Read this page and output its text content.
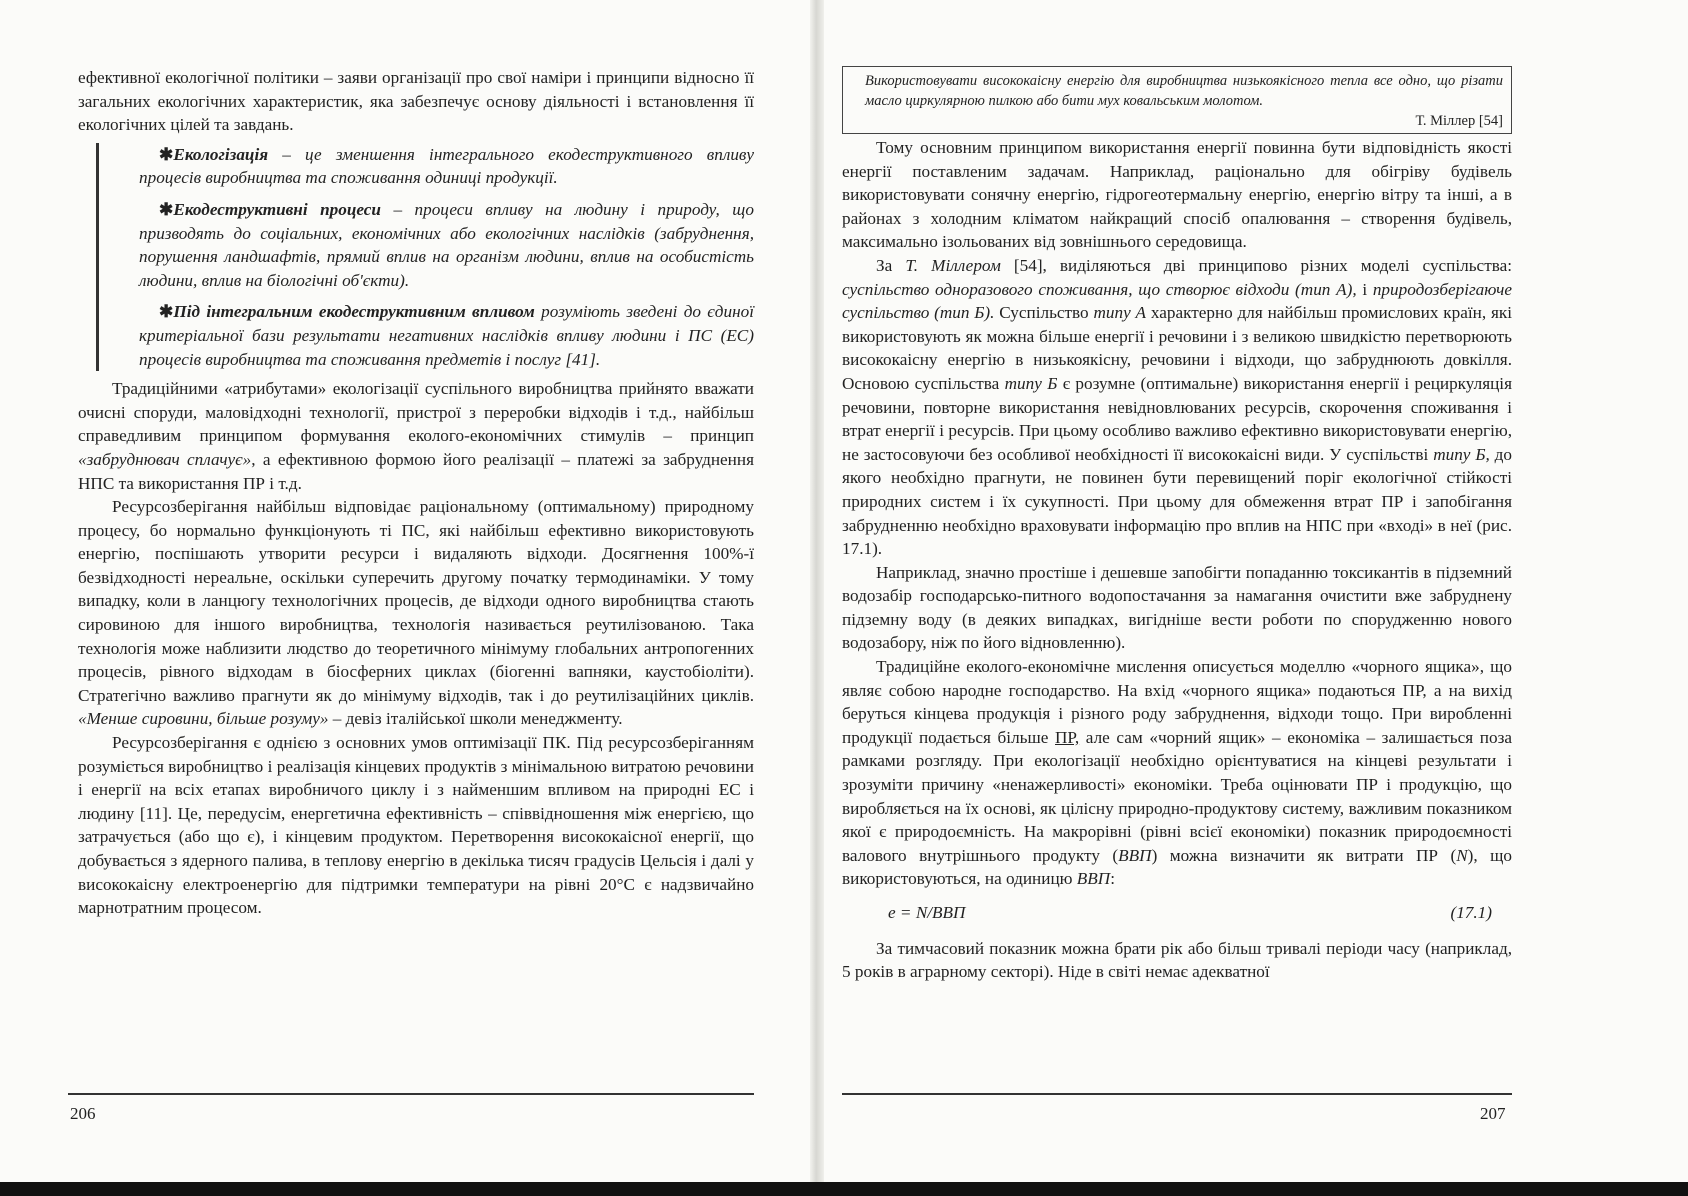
ефективної екологічної політики – заяви організації про свої наміри і принципи відносно її загальних екологічних характеристик, яка забезпечує основу діяльності і встановлення її екологічних цілей та завдань.

✱Екологізація – це зменшення інтегрального екодеструктивного впливу процесів виробництва та споживання одиниці продукції.

✱Екодеструктивні процеси – процеси впливу на людину і природу, що призводять до соціальних, економічних або екологічних наслідків (забруднення, порушення ландшафтів, прямий вплив на організм людини, вплив на особистість людини, вплив на біологічні об'єкти).

✱Під інтегральним екодеструктивним впливом розуміють зведені до єдиної критеріальної бази результати негативних наслідків впливу людини і ПС (ЕС) процесів виробництва та споживання предметів і послуг [41].

Традиційними «атрибутами» екологізації суспільного виробництва прийнято вважати очисні споруди, маловідходні технології, пристрої з переробки відходів і т.д., найбільш справедливим принципом формування еколого-економічних стимулів – принцип «забруднювач сплачує», а ефективною формою його реалізації – платежі за забруднення НПС та використання ПР і т.д.

Ресурсозберігання найбільш відповідає раціональному (оптимальному) природному процесу, бо нормально функціонують ті ПС, які найбільш ефективно використовують енергію, поспішають утворити ресурси і видаляють відходи. Досягнення 100%-ї безвідходності нереальне, оскільки суперечить другому початку термодинаміки. У тому випадку, коли в ланцюгу технологічних процесів, де відходи одного виробництва стають сировиною для іншого виробництва, технологія називається реутилізованою. Така технологія може наблизити людство до теоретичного мінімуму глобальних антропогенних процесів, рівного відходам в біосферних циклах (біогенні вапняки, каустобіоліти). Стратегічно важливо прагнути як до мінімуму відходів, так і до реутилізаційних циклів. «Менше сировини, більше розуму» – девіз італійської школи менеджменту.

Ресурсозберігання є однією з основних умов оптимізації ПК. Під ресурсозберіганням розуміється виробництво і реалізація кінцевих продуктів з мінімальною витратою речовини і енергії на всіх етапах виробничого циклу і з найменшим впливом на природні ЕС і людину [11]. Це, передусім, енергетична ефективність – співвідношення між енергією, що затрачується (або що є), і кінцевим продуктом. Перетворення висококаісної енергії, що добувається з ядерного палива, в теплову енергію в декілька тисяч градусів Цельсія і далі у висококаісну електроенергію для підтримки температури на рівні 20°С є надзвичайно марнотратним процесом.

206
Використовувати висококаісну енергію для виробництва низькоякісного тепла все одно, що різати масло циркулярною пилкою або бити мух ковальським молотом.
Т. Міллер [54]

Тому основним принципом використання енергії повинна бути відповідність якості енергії поставленим задачам. Наприклад, раціонально для обігріву будівель використовувати сонячну енергію, гідрогеотермальну енергію, енергію вітру та інші, а в районах з холодним кліматом найкращий спосіб опалювання – створення будівель, максимально ізольованих від зовнішнього середовища.

За Т. Міллером [54], виділяються дві принципово різних моделі суспільства: суспільство одноразового споживання, що створює відходи (тип А), і природозберігаюче суспільство (тип Б). Суспільство типу А характерно для найбільш промислових країн, які використовують як можна більше енергії і речовини і з великою швидкістю перетворюють висококаісну енергію в низькоякісну, речовини і відходи, що забруднюють довкілля. Основою суспільства типу Б є розумне (оптимальне) використання енергії і рециркуляція речовини, повторне використання невідновлюваних ресурсів, скорочення споживання і втрат енергії і ресурсів. При цьому особливо важливо ефективно використовувати енергію, не застосовуючи без особливої необхідності її висококаісні види. У суспільстві типу Б, до якого необхідно прагнути, не повинен бути перевищений поріг екологічної стійкості природних систем і їх сукупності. При цьому для обмеження втрат ПР і запобігання забрудненню необхідно враховувати інформацію про вплив на НПС при «вході» в неї (рис. 17.1).

Наприклад, значно простіше і дешевше запобігти попаданню токсикантів в підземний водозабір господарсько-питного водопостачання за намагання очистити вже забруднену підземну воду (в деяких випадках, вигідніше вести роботи по спорудженню нового водозабору, ніж по його відновленню).

Традиційне еколого-економічне мислення описується моделлю «чорного ящика», що являє собою народне господарство. На вхід «чорного ящика» подаються ПР, а на вихід беруться кінцева продукція і різного роду забруднення, відходи тощо. При виробленні продукції подається більше ПР, але сам «чорний ящик» – економіка – залишається поза рамками розгляду. При екологізації необхідно орієнтуватися на кінцеві результати і зрозуміти причину «ненажерливості» економіки. Треба оцінювати ПР і продукцію, що виробляється на їх основі, як цілісну природно-продуктову систему, важливим показником якої є природоємність. На макрорівні (рівні всієї економіки) показник природоємності валового внутрішнього продукту (ВВП) можна визначити як витрати ПР (N), що використовуються, на одиницю ВВП:

e = N/ВВП	(17.1)

За тимчасовий показник можна брати рік або більш тривалі періоди часу (наприклад, 5 років в аграрному секторі). Ніде в світі немає адекватної

207
